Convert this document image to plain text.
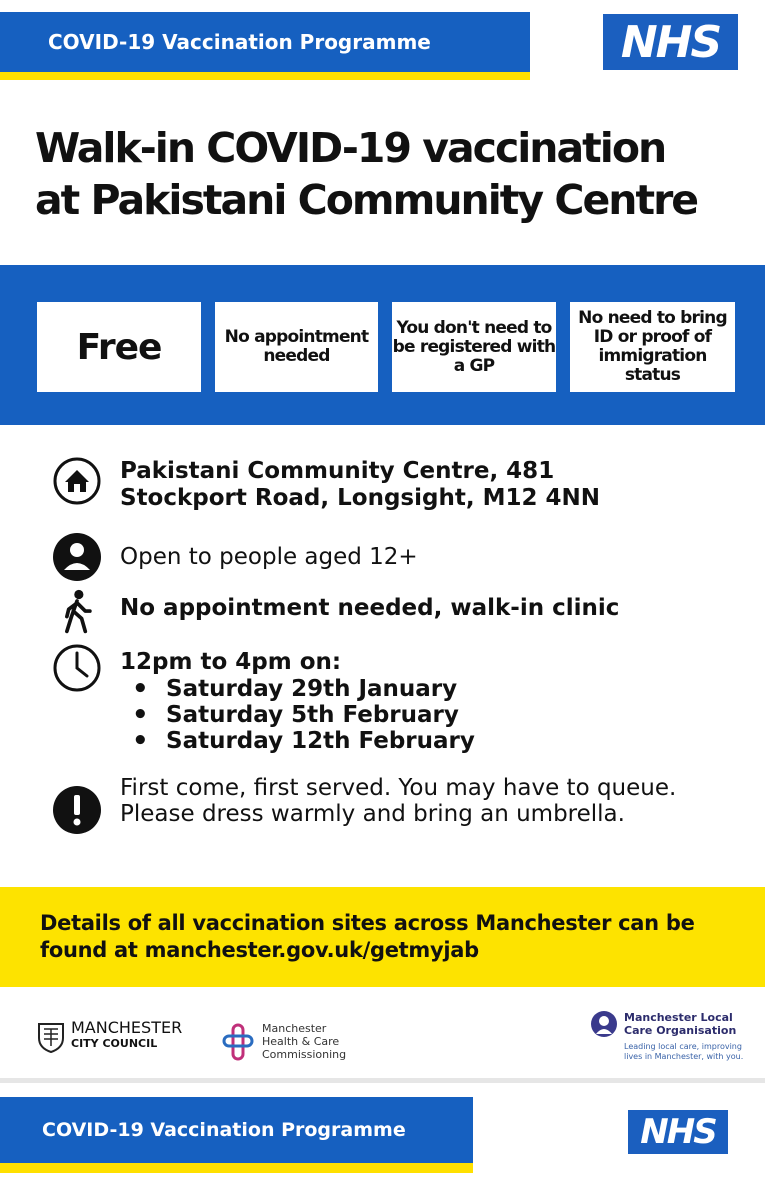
COVID-19 Vaccination Programme	NHS
Walk-in COVID-19 vaccination
at Pakistani Community Centre
Free	No appointment needed
You don't need to be registered with a GP
No need to bring ID or proof of immigration status
Pakistani Community Centre, 481 Stockport Road, Longsight, M12 4NN
Open to people aged 12+
No appointment needed, walk-in clinic
12pm to 4pm on:
• Saturday 29th January
• Saturday 5th February
• Saturday 12th February
First come, first served. You may have to queue. Please dress warmly and bring an umbrella.
Details of all vaccination sites across Manchester can be found at manchester.gov.uk/getmyjab
MANCHESTER
CITY COUNCIL
Manchester
Health & Care
Commissioning
Manchester Local
Care Organisation
Leading local care, improving
lives in Manchester, with you.
COVID-19 Vaccination Programme	NHS
